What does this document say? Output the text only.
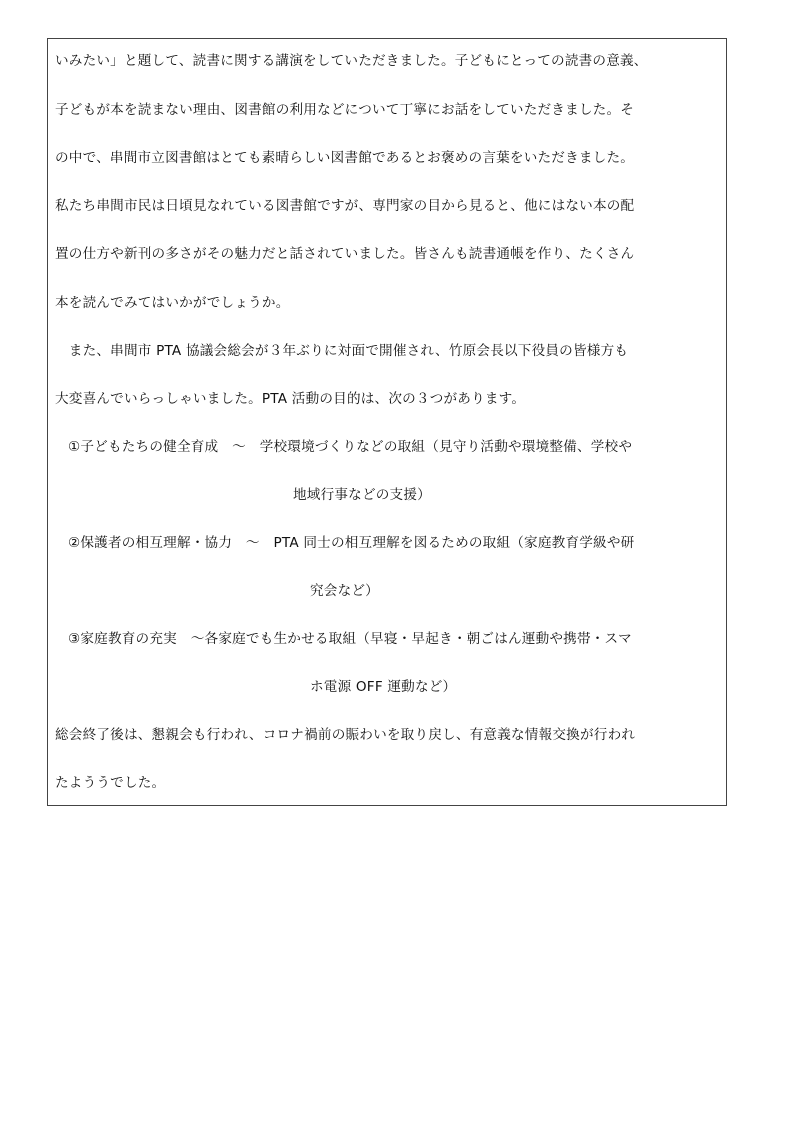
いみたい」と題して、読書に関する講演をしていただきました。子どもにとっての読書の意義、
子どもが本を読まない理由、図書館の利用などについて丁寧にお話をしていただきました。そ
の中で、串間市立図書館はとても素晴らしい図書館であるとお褒めの言葉をいただきました。
私たち串間市民は日頃見なれている図書館ですが、専門家の目から見ると、他にはない本の配
置の仕方や新刊の多さがその魅力だと話されていました。皆さんも読書通帳を作り、たくさん
本を読んでみてはいかがでしょうか。
　また、串間市 PTA 協議会総会が３年ぶりに対面で開催され、竹原会長以下役員の皆様方も
大変喜んでいらっしゃいました。PTA 活動の目的は、次の３つがあります。
①子どもたちの健全育成　～　学校環境づくりなどの取組（見守り活動や環境整備、学校や
地域行事などの支援）
②保護者の相互理解・協力　～　PTA 同士の相互理解を図るための取組（家庭教育学級や研
究会など）
③家庭教育の充実　～各家庭でも生かせる取組（早寝・早起き・朝ごはん運動や携帯・スマ
ホ電源 OFF 運動など）
総会終了後は、懇親会も行われ、コロナ禍前の賑わいを取り戻し、有意義な情報交換が行われ
たよううでした。
